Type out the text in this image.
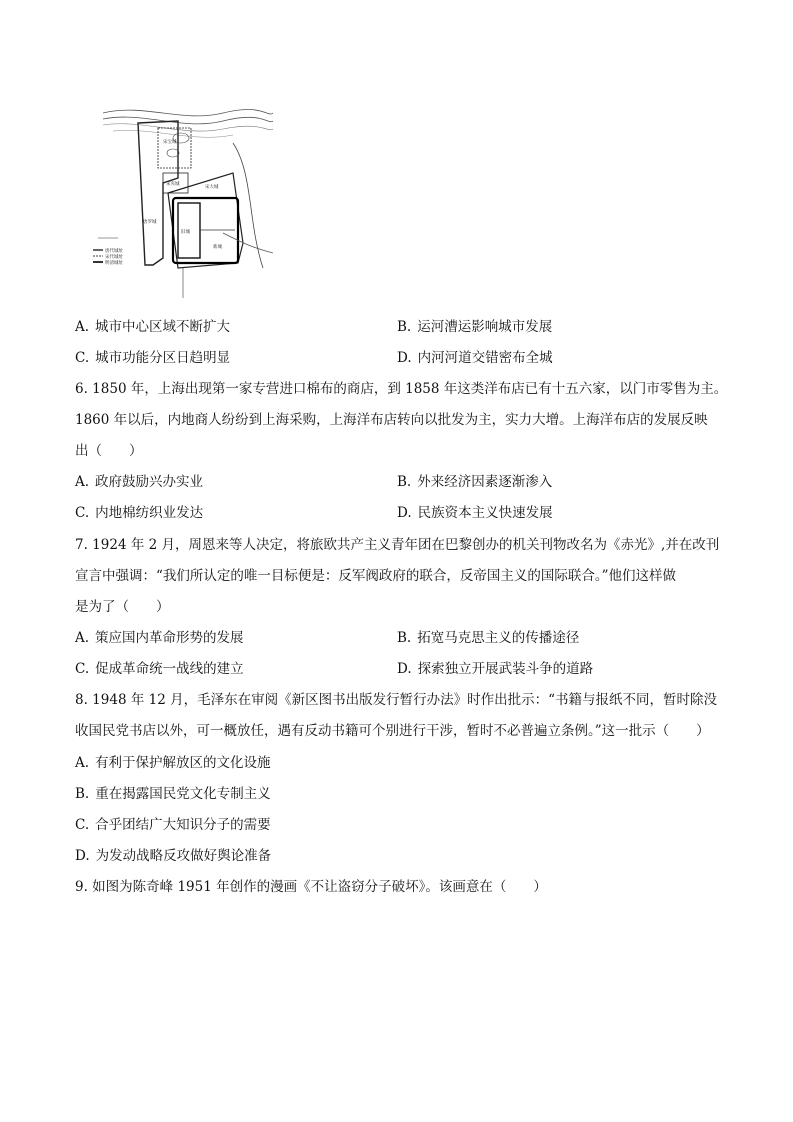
唐代城址
宋代城址
明清城址
唐罗城
宋大城
宋宝城
新城
旧城
宋夹城
A. 城市中心区域不断扩大	B. 运河漕运影响城市发展
C. 城市功能分区日趋明显	D. 内河河道交错密布全城
6. 1850 年，上海出现第一家专营进口棉布的商店，到 1858 年这类洋布店已有十五六家，以门市零售为主。
1860 年以后，内地商人纷纷到上海采购，上海洋布店转向以批发为主，实力大增。上海洋布店的发展反映
出（　　）
A. 政府鼓励兴办实业	B. 外来经济因素逐渐渗入
C. 内地棉纺织业发达	D. 民族资本主义快速发展
7. 1924 年 2 月，周恩来等人决定，将旅欧共产主义青年团在巴黎创办的机关刊物改名为《赤光》,并在改刊
宣言中强调：“我们所认定的唯一目标便是：反军阀政府的联合，反帝国主义的国际联合。”他们这样做
是为了（　　）
A. 策应国内革命形势的发展	B. 拓宽马克思主义的传播途径
C. 促成革命统一战线的建立	D. 探索独立开展武装斗争的道路
8. 1948 年 12 月，毛泽东在审阅《新区图书出版发行暂行办法》时作出批示：“书籍与报纸不同，暂时除没
收国民党书店以外，可一概放任，遇有反动书籍可个别进行干涉，暂时不必普遍立条例。”这一批示（　　）
A. 有利于保护解放区的文化设施
B. 重在揭露国民党文化专制主义
C. 合乎团结广大知识分子的需要
D. 为发动战略反攻做好舆论准备
9. 如图为陈奇峰 1951 年创作的漫画《不让盗窃分子破坏》。该画意在（　　）
